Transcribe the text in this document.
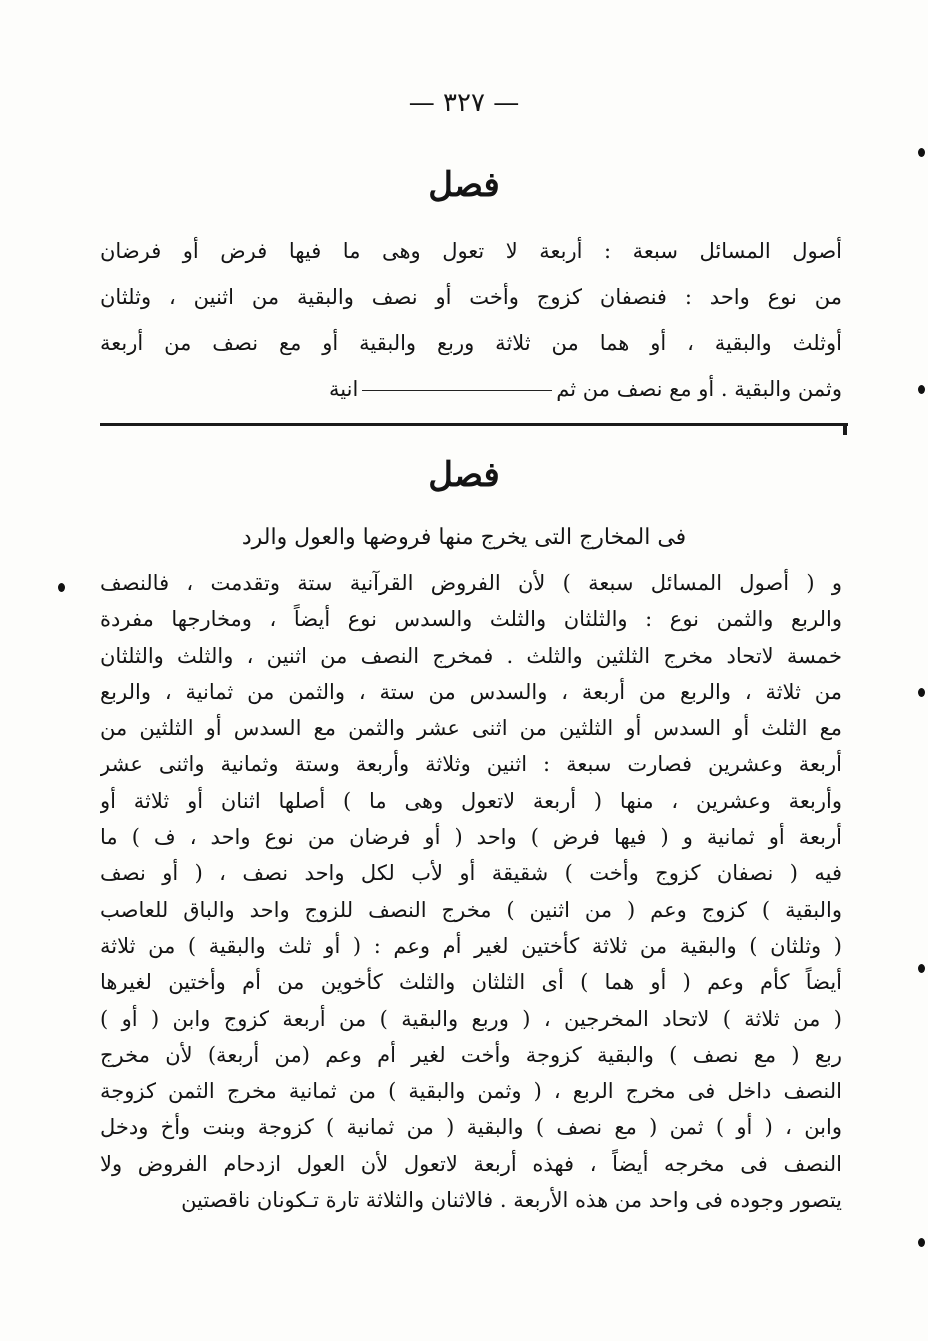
— ٣٢٧ —
فصل
أصول المسائل سبعة : أربعة لا تعول وهى ما فيها فرض أو فرضان
من نوع واحد : فنصفان كزوج وأخت أو نصف والبقية من اثنين ، وثلثان
أوثلث والبقية ، أو هما من ثلاثة وربع والبقية أو مع نصف من أربعة
وثمن والبقية . أو مع نصف من ثمانية
فصل
فى المخارج التى يخرج منها فروضها والعول والرد
و ( أصول المسائل سبعة ) لأن الفروض القرآنية ستة وتقدمت ، فالنصف
والربع والثمن نوع : والثلثان والثلث والسدس نوع أيضاً ، ومخارجها مفردة
خمسة لاتحاد مخرج الثلثين والثلث . فمخرج النصف من اثنين ، والثلث والثلثان
من ثلاثة ، والربع من أربعة ، والسدس من ستة ، والثمن من ثمانية ، والربع
مع الثلث أو السدس أو الثلثين من اثنى عشر والثمن مع السدس أو الثلثين من
أربعة وعشرين فصارت سبعة : اثنين وثلاثة وأربعة وستة وثمانية واثنى عشر
وأربعة وعشرين ، منها ( أربعة لاتعول وهى ما ) أصلها اثنان أو ثلاثة أو
أربعة أو ثمانية و ( فيها فرض ) واحد ( أو فرضان من نوع واحد ، ف ) ما
فيه ( نصفان كزوج وأخت ) شقيقة أو لأب لكل واحد نصف ، ( أو نصف
والبقية ) كزوج وعم ( من اثنين ) مخرج النصف للزوج واحد والباق للعاصب
( وثلثان ) والبقية من ثلاثة كأختين لغير أم وعم : ( أو ثلث والبقية ) من ثلاثة
أيضاً كأم وعم ( أو هما ) أى الثلثان والثلث كأخوين من أم وأختين لغيرها
( من ثلاثة ) لاتحاد المخرجين ، ( وربع والبقية ) من أربعة كزوج وابن ( أو )
ربع ( مع نصف ) والبقية كزوجة وأخت لغير أم وعم (من أربعة) لأن مخرج
النصف داخل فى مخرج الربع ، ( وثمن والبقية ) من ثمانية مخرج الثمن كزوجة
وابن ، ( أو ) ثمن ( مع نصف ) والبقية ( من ثمانية ) كزوجة وبنت وأخ ودخل
النصف فى مخرجه أيضاً ، فهذه أربعة لاتعول لأن العول ازدحام الفروض ولا
يتصور وجوده فى واحد من هذه الأربعة . فالاثنان والثلاثة تارة تـكونان ناقصتين
